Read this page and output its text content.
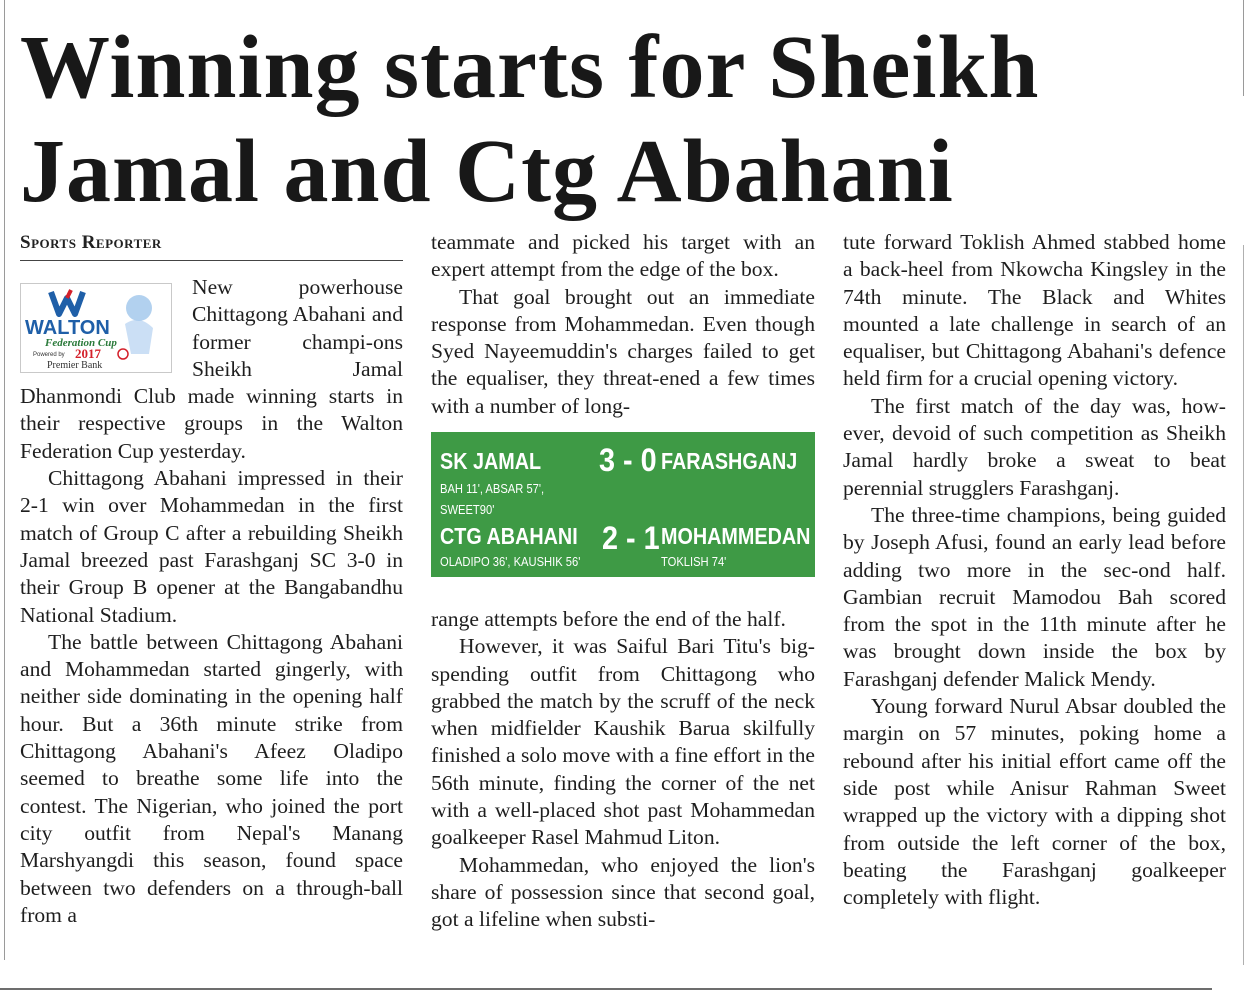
Winning starts for Sheikh Jamal and Ctg Abahani
Sports Reporter
WALTON
Federation Cup
Powered by 2017
Premier Bank

New powerhouse Chittagong Abahani and former champi-ons Sheikh Jamal Dhanmondi Club made winning starts in their respective groups in the Walton Federation Cup yesterday.

Chittagong Abahani impressed in their 2-1 win over Mohammedan in the first match of Group C after a rebuilding Sheikh Jamal breezed past Farashganj SC 3-0 in their Group B opener at the Bangabandhu National Stadium.

The battle between Chittagong Abahani and Mohammedan started gingerly, with neither side dominating in the opening half hour. But a 36th minute strike from Chittagong Abahani's Afeez Oladipo seemed to breathe some life into the contest. The Nigerian, who joined the port city outfit from Nepal's Manang Marshyangdi this season, found space between two defenders on a through-ball from a

teammate and picked his target with an expert attempt from the edge of the box.

That goal brought out an immediate response from Mohammedan. Even though Syed Nayeemuddin's charges failed to get the equaliser, they threat-ened a few times with a number of long-

SK JAMAL 3 - 0 FARASHGANJ
BAH 11', ABSAR 57',
SWEET90'
CTG ABAHANI 2 - 1 MOHAMMEDAN
OLADIPO 36', KAUSHIK 56'	TOKLISH 74'

range attempts before the end of the half.

However, it was Saiful Bari Titu's big-spending outfit from Chittagong who grabbed the match by the scruff of the neck when midfielder Kaushik Barua skilfully finished a solo move with a fine effort in the 56th minute, finding the corner of the net with a well-placed shot past Mohammedan goalkeeper Rasel Mahmud Liton.

Mohammedan, who enjoyed the lion's share of possession since that second goal, got a lifeline when substi-

tute forward Toklish Ahmed stabbed home a back-heel from Nkowcha Kingsley in the 74th minute. The Black and Whites mounted a late challenge in search of an equaliser, but Chittagong Abahani's defence held firm for a crucial opening victory.

The first match of the day was, how-ever, devoid of such competition as Sheikh Jamal hardly broke a sweat to beat perennial strugglers Farashganj.

The three-time champions, being guided by Joseph Afusi, found an early lead before adding two more in the sec-ond half. Gambian recruit Mamodou Bah scored from the spot in the 11th minute after he was brought down inside the box by Farashganj defender Malick Mendy.

Young forward Nurul Absar doubled the margin on 57 minutes, poking home a rebound after his initial effort came off the side post while Anisur Rahman Sweet wrapped up the victory with a dipping shot from outside the left corner of the box, beating the Farashganj goalkeeper completely with flight.
